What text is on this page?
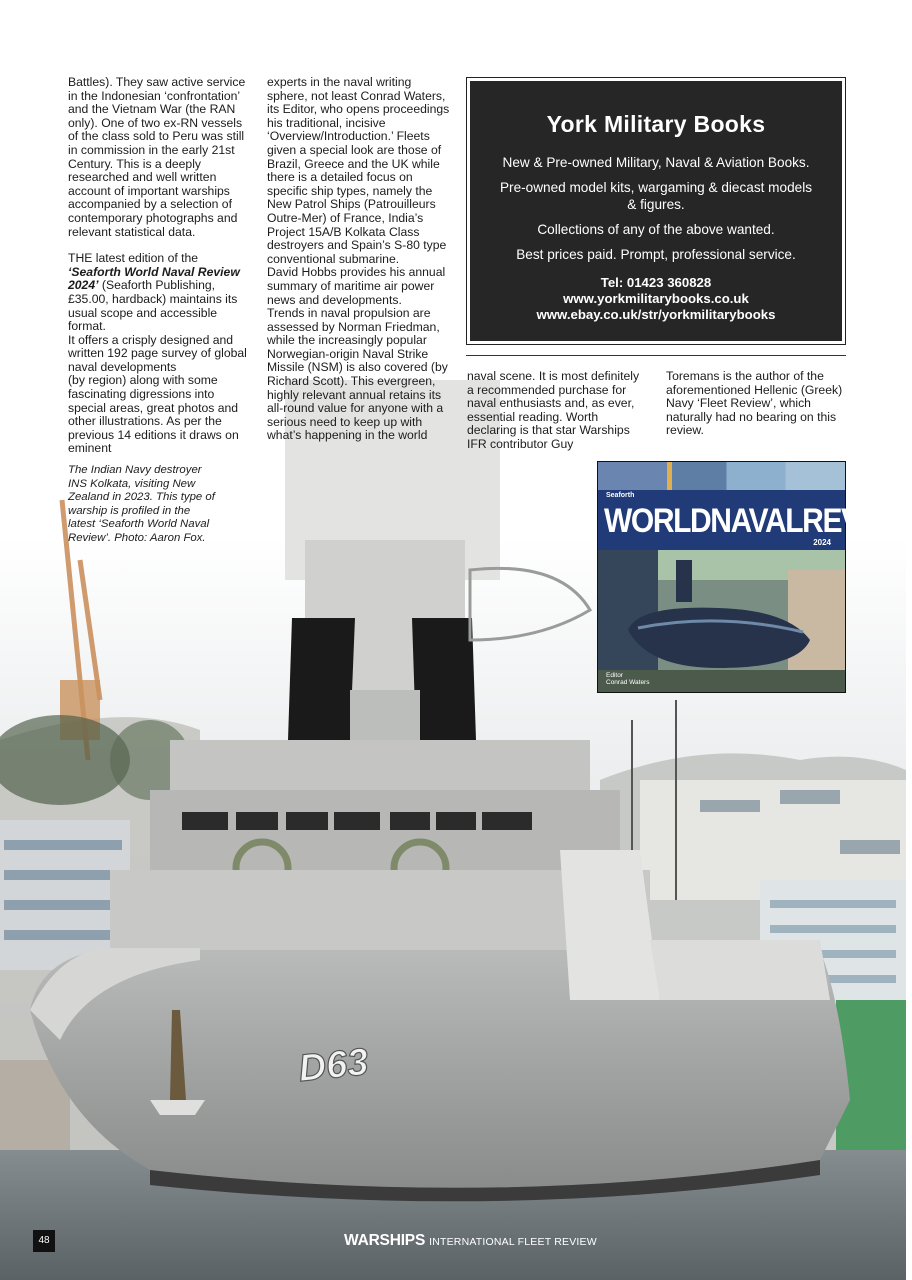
D63

Battles). They saw active service in the Indonesian ‘confrontation’ and the Vietnam War (the RAN only). One of two ex-RN vessels of the class sold to Peru was still in commission in the early 21st Century. This is a deeply researched and well written account of important warships accompanied by a selection of contemporary photographs and relevant statistical data.

THE latest edition of the ‘Seaforth World Naval Review 2024’ (Seaforth Publishing, £35.00, hardback) maintains its usual scope and accessible format.

It offers a crisply designed and written 192 page survey of global naval developments

(by region) along with some fascinating digressions into special areas, great photos and other illustrations. As per the previous 14 editions it draws on eminent

experts in the naval writing sphere, not least Conrad Waters, its Editor, who opens proceedings his traditional, incisive ‘Overview/Introduction.’ Fleets given a special look are those of Brazil, Greece and the UK while there is a detailed focus on specific ship types, namely the New Patrol Ships (Patrouilleurs Outre-Mer) of France, India’s Project 15A/B Kolkata Class destroyers and Spain’s S-80 type conventional submarine.

David Hobbs provides his annual summary of maritime air power news and developments.

Trends in naval propulsion are assessed by Norman Friedman, while the increasingly popular Norwegian-origin Naval Strike Missile (NSM) is also covered (by Richard Scott). This evergreen, highly relevant annual retains its all-round value for anyone with a serious need to keep up with what’s happening in the world

York Military Books
New & Pre-owned Military, Naval & Aviation Books.
Pre-owned model kits, wargaming & diecast models & figures.
Collections of any of the above wanted.
Best prices paid. Prompt, professional service.
Tel: 01423 360828
www.yorkmilitarybooks.co.uk
www.ebay.co.uk/str/yorkmilitarybooks

naval scene. It is most definitely a recommended purchase for naval enthusiasts and, as ever, essential reading. Worth declaring is that star Warships IFR contributor Guy

Toremans is the author of the aforementioned Hellenic (Greek) Navy ‘Fleet Review’, which naturally had no bearing on this review.

The Indian Navy destroyer INS Kolkata, visiting New Zealand in 2023. This type of warship is profiled in the latest ‘Seaforth World Naval Review’. Photo: Aaron Fox.
Seaforth
WORLDNAVALREVIEW
2024
Editor
Conrad Waters
48	WARSHIPS INTERNATIONAL FLEET REVIEW
